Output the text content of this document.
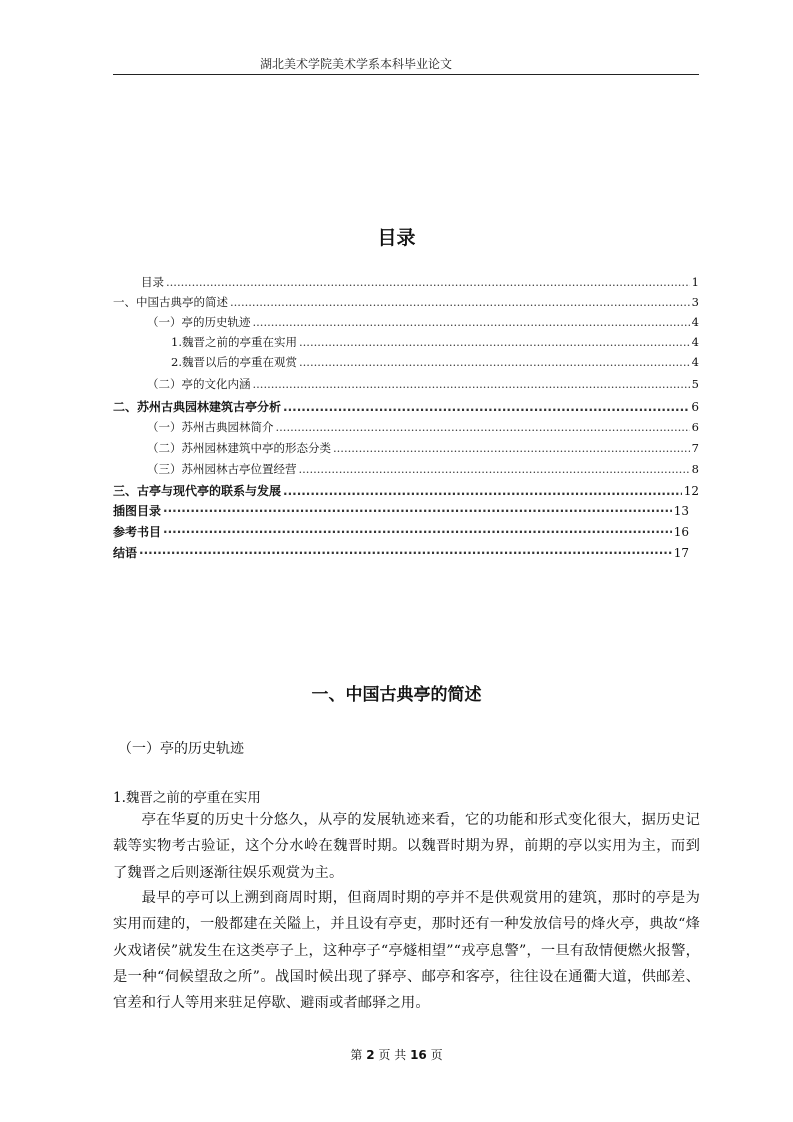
湖北美术学院美术学系本科毕业论文
目录
目录 .....	1
一、中国古典亭的简述 .....	3
（一）亭的历史轨迹 .....	4
1.魏晋之前的亭重在实用 .....	4
2.魏晋以后的亭重在观赏 .....	4
（二）亭的文化内涵 .....	5
二、苏州古典园林建筑古亭分析 .....	6
（一）苏州古典园林简介 .....	6
（二）苏州园林建筑中亭的形态分类 .....	7
（三）苏州园林古亭位置经营 .....	8
三、古亭与现代亭的联系与发展 .....	12
插图目录 ·····	13
参考书目 ·····	16
结语 ·····	17
一、中国古典亭的简述
（一）亭的历史轨迹
1.魏晋之前的亭重在实用
亭在华夏的历史十分悠久，从亭的发展轨迹来看，它的功能和形式变化很大，据历史记载等实物考古验证，这个分水岭在魏晋时期。以魏晋时期为界，前期的亭以实用为主，而到了魏晋之后则逐渐往娱乐观赏为主。
最早的亭可以上溯到商周时期，但商周时期的亭并不是供观赏用的建筑，那时的亭是为实用而建的，一般都建在关隘上，并且设有亭吏，那时还有一种发放信号的烽火亭，典故“烽火戏诸侯”就发生在这类亭子上，这种亭子“亭燧相望”“戎亭息警”，一旦有敌情便燃火报警，是一种“伺候望敌之所”。战国时候出现了驿亭、邮亭和客亭，往往设在通衢大道，供邮差、官差和行人等用来驻足停歇、避雨或者邮驿之用。
第 2 页 共 16 页
